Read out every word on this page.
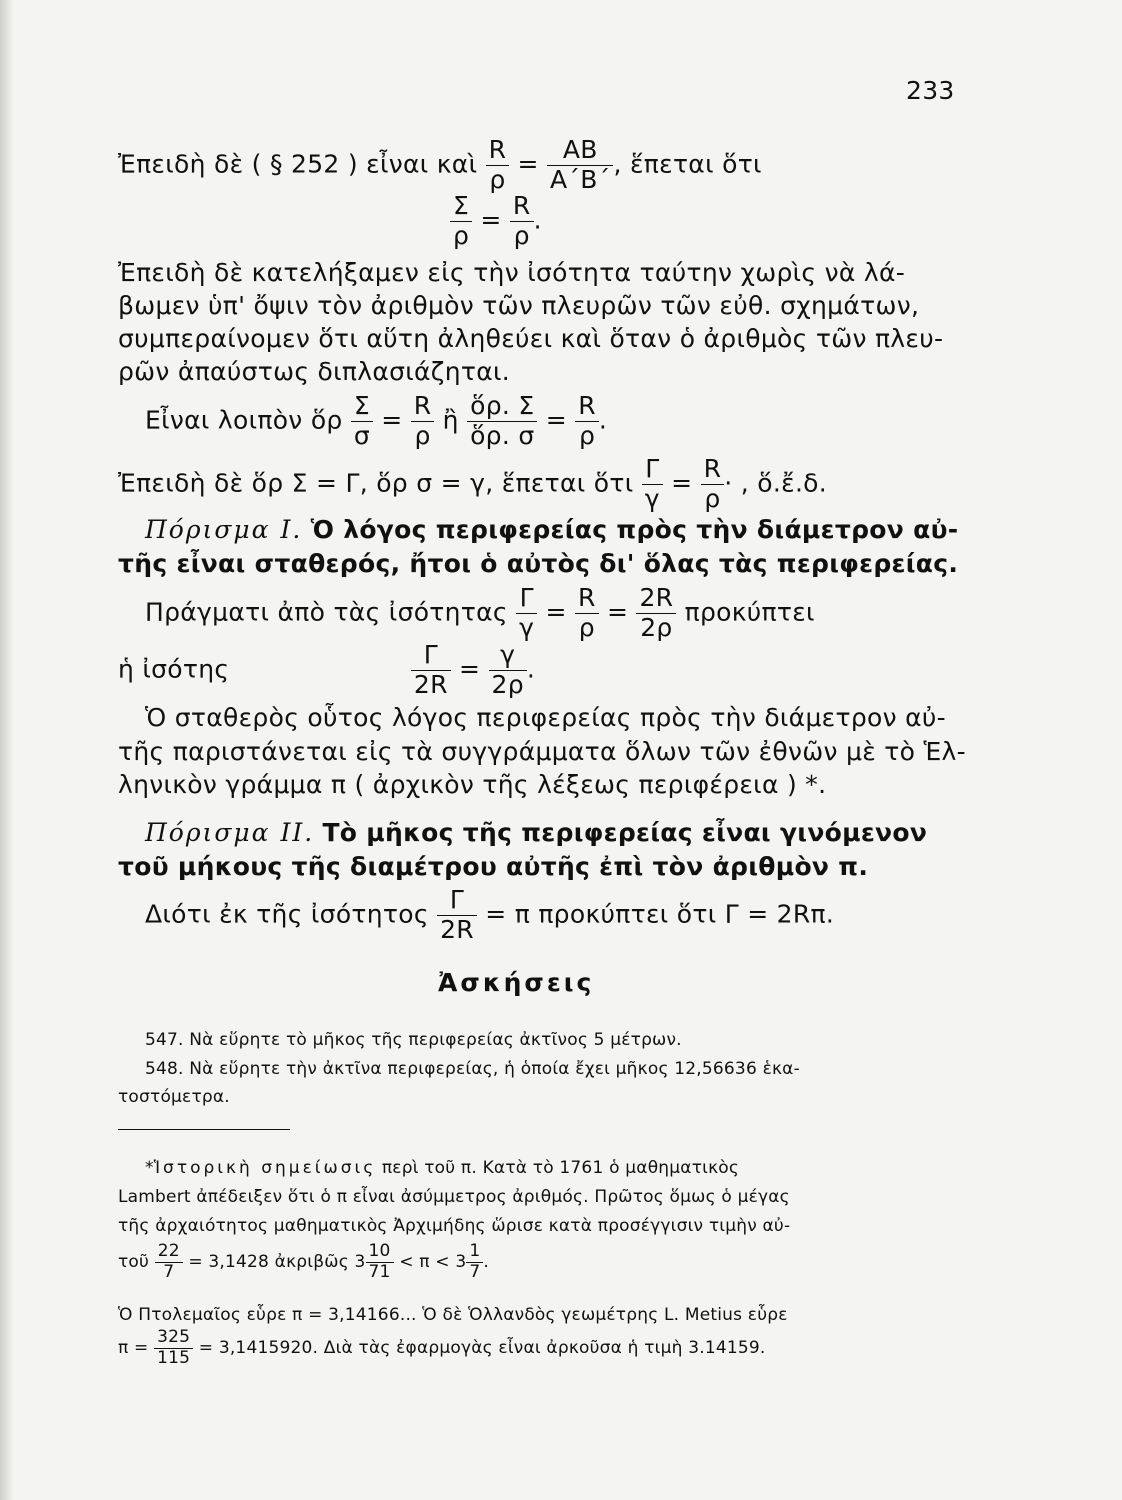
233
Ἐπειδὴ δὲ ( § 252 ) εἶναι καὶ $\frac{R}{\rho} = \frac{AB}{A΄B΄}$ , ἕπεται ὅτι
$\frac{\Sigma}{\rho} = \frac{R}{\rho}$ .
Ἐπειδὴ δὲ κατελήξαμεν εἰς τὴν ἰσότητα ταύτην χωρὶς νὰ λά-
βωμεν ὑπ' ὄψιν τὸν ἀριθμὸν τῶν πλευρῶν τῶν εὐθ. σχημάτων,
συμπεραίνομεν ὅτι αὕτη ἀληθεύει καὶ ὅταν ὁ ἀριθμὸς τῶν πλευ-
ρῶν ἀπαύστως διπλασιάζηται.
Εἶναι λοιπὸν ὅρ $\frac{\Sigma}{\sigma} = \frac{R}{\rho}$ ἢ $\frac{\text{ὅρ. Σ}}{\text{ὅρ. σ}} = \frac{R}{\rho}$ .
Ἐπειδὴ δὲ ὅρ Σ = Γ, ὅρ σ = γ, ἕπεται ὅτι $\frac{\Gamma}{\gamma} = \frac{R}{\rho}$ · , ὅ.ἔ.δ.
Πόρισμα Ι. Ὁ λόγος περιφερείας πρὸς τὴν διάμετρον αὐ-
τῆς εἶναι σταθερός, ἤτοι ὁ αὐτὸς δι' ὅλας τὰς περιφερείας.
Πράγματι ἀπὸ τὰς ἰσότητας $\frac{\Gamma}{\gamma} = \frac{R}{\rho} = \frac{2R}{2\rho}$ προκύπτει
ἡ ἰσότης	$\frac{\Gamma}{2R} = \frac{\gamma}{2\rho}$ .
Ὁ σταθερὸς οὗτος λόγος περιφερείας πρὸς τὴν διάμετρον αὐ-
τῆς παριστάνεται εἰς τὰ συγγράμματα ὅλων τῶν ἐθνῶν μὲ τὸ Ἑλ-
ληνικὸν γράμμα π ( ἀρχικὸν τῆς λέξεως περιφέρεια ) *.
Πόρισμα ΙΙ. Τὸ μῆκος τῆς περιφερείας εἶναι γινόμενον
τοῦ μήκους τῆς διαμέτρου αὐτῆς ἐπὶ τὸν ἀριθμὸν π.
Διότι ἐκ τῆς ἰσότητος $\frac{\Gamma}{2R} = \pi$ προκύπτει ὅτι Γ = 2Rπ.
Ἀσκήσεις
547. Νὰ εὕρητε τὸ μῆκος τῆς περιφερείας ἀκτῖνος 5 μέτρων.
548. Νὰ εὕρητε τὴν ἀκτῖνα περιφερείας, ἡ ὁποία ἔχει μῆκος 12,56636 ἑκα-
τοστόμετρα.
*Ἱστορικὴ σημείωσις περὶ τοῦ π. Κατὰ τὸ 1761 ὁ μαθηματικὸς
Lambert ἀπέδειξεν ὅτι ὁ π εἶναι ἀσύμμετρος ἀριθμός. Πρῶτος ὅμως ὁ μέγας
τῆς ἀρχαιότητος μαθηματικὸς Ἀρχιμήδης ὥρισε κατὰ προσέγγισιν τιμὴν αὐ-
τοῦ $\frac{22}{7} = 3,1428$ ἀκριβῶς $3 \frac{10}{71} < \pi < 3 \frac{1}{7}$ .
Ὁ Πτολεμαῖος εὗρε π = 3,14166... Ὁ δὲ Ὁλλανδὸς γεωμέτρης L. Metius εὗρε
$\pi = \frac{325}{115} = 3,1415920$. Διὰ τὰς ἐφαρμογὰς εἶναι ἀρκοῦσα ἡ τιμὴ 3.14159.
